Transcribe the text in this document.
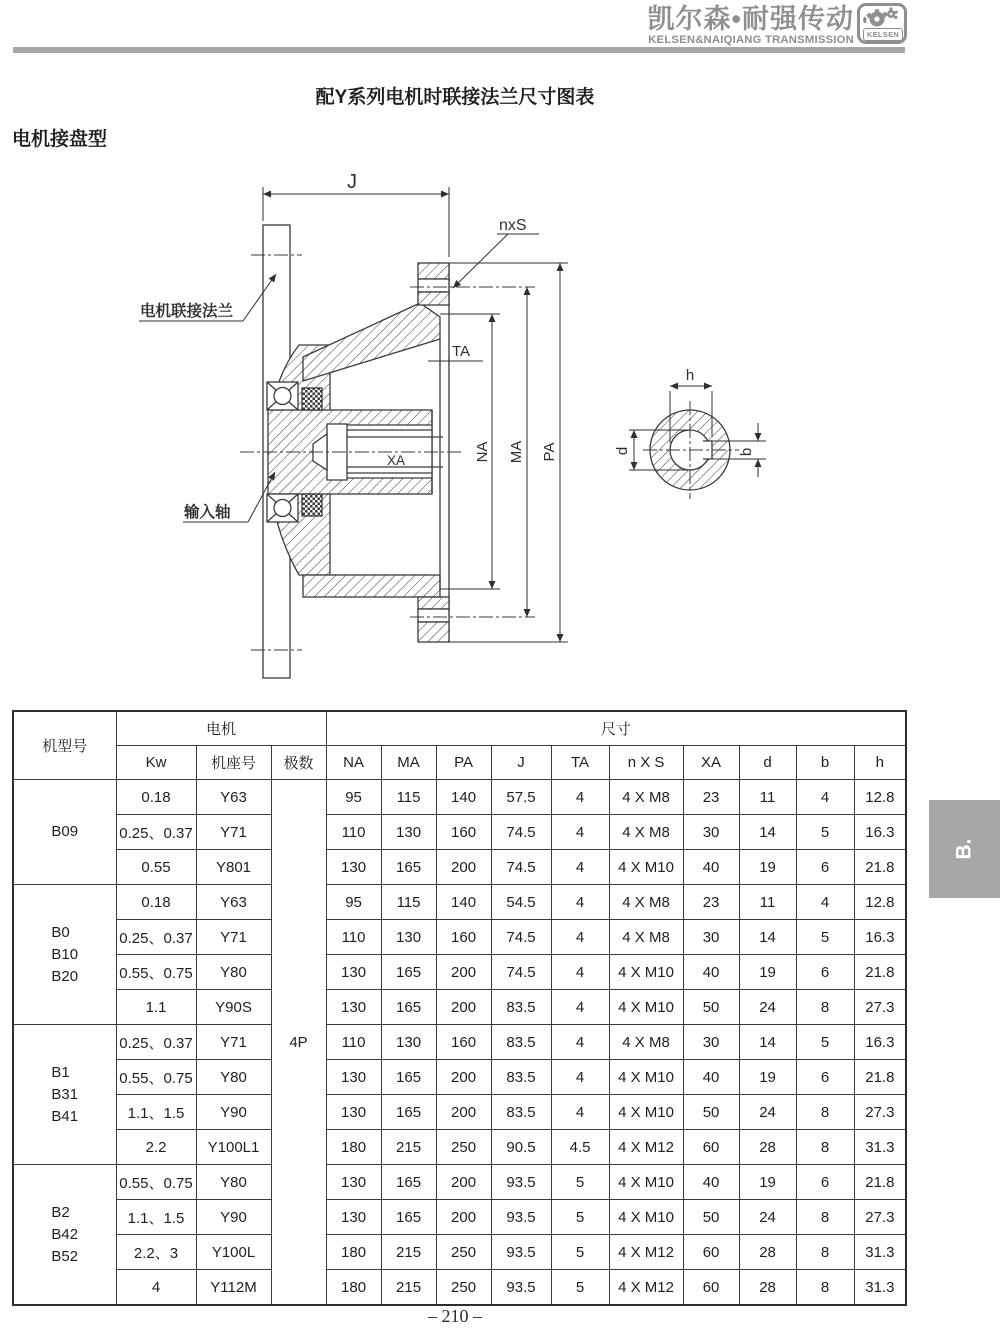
凯尔森•耐强传动
KELSEN&NAIQIANG TRANSMISSION	KELSEN
配Y系列电机时联接法兰尺寸图表
电机接盘型
J
nxS
电机联接法兰
输入轴
TA
XA	NA MA PA
h
d	b
机型号	电机			尺寸									
	Kw	机座号	极数	NA	MA	PA	J	TA	n X S	XA	d	b	h

B09	0.18	Y63	4P	95	115	140	57.5	4	4 X M8	23	11	4	12.8
	0.25、0.37	Y71		110	130	160	74.5	4	4 X M8	30	14	5	16.3
	0.55	Y801		130	165	200	74.5	4	4 X M10	40	19	6	21.8

B0
B10
B20	0.18	Y63		95	115	140	54.5	4	4 X M8	23	11	4	12.8
	0.25、0.37	Y71		110	130	160	74.5	4	4 X M8	30	14	5	16.3
	0.55、0.75	Y80		130	165	200	74.5	4	4 X M10	40	19	6	21.8
	1.1	Y90S		130	165	200	83.5	4	4 X M10	50	24	8	27.3

B1
B31
B41	0.25、0.37	Y71		110	130	160	83.5	4	4 X M8	30	14	5	16.3
	0.55、0.75	Y80		130	165	200	83.5	4	4 X M10	40	19	6	21.8
	1.1、1.5	Y90		130	165	200	83.5	4	4 X M10	50	24	8	27.3
	2.2	Y100L1		180	215	250	90.5	4.5	4 X M12	60	28	8	31.3

B2
B42
B52	0.55、0.75	Y80		130	165	200	93.5	5	4 X M10	40	19	6	21.8
	1.1、1.5	Y90		130	165	200	93.5	5	4 X M10	50	24	8	27.3
	2.2、3	Y100L		180	215	250	93.5	5	4 X M12	60	28	8	31.3
	4	Y112M		180	215	250	93.5	5	4 X M12	60	28	8	31.3
– 210 –
B.
